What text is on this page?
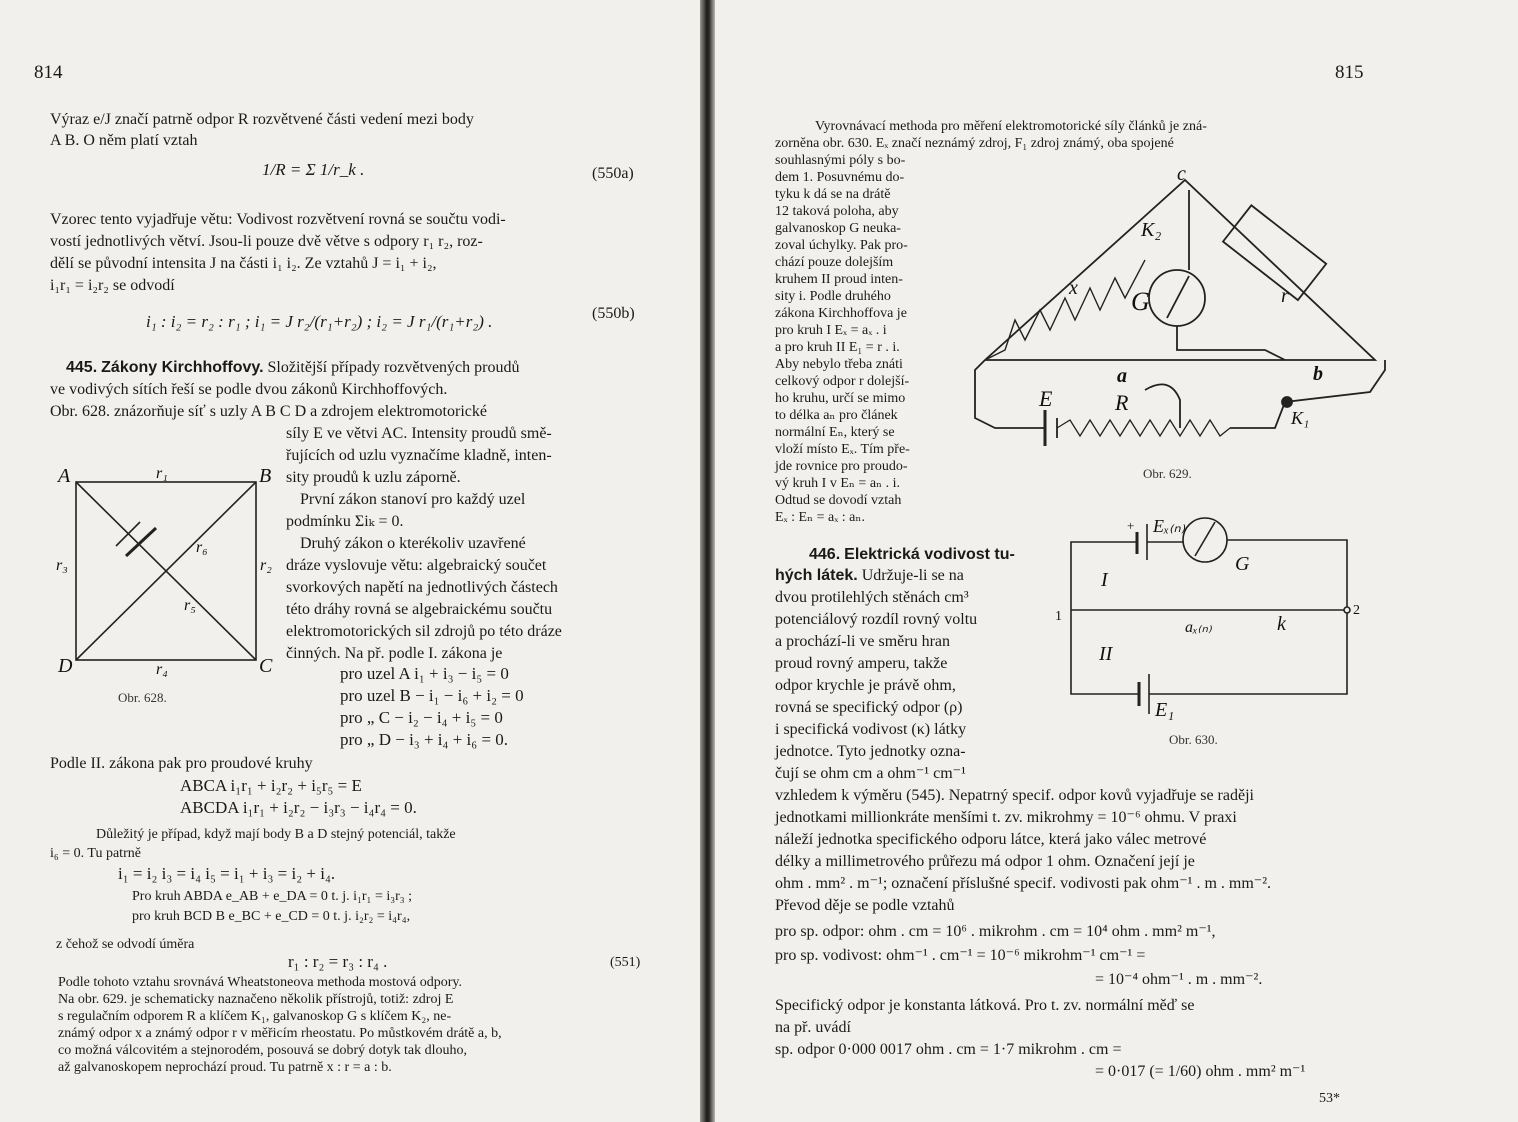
814
Výraz e/J značí patrně odpor R rozvětvené části vedení mezi body
A B. O něm platí vztah
1/R = Σ 1/r_k .	(550a)
Vzorec tento vyjadřuje větu: Vodivost rozvětvení rovná se součtu vodi-
vostí jednotlivých větví. Jsou-li pouze dvě větve s odpory r₁ r₂, roz-
dělí se původní intensita J na části i₁ i₂. Ze vztahů J = i₁ + i₂,
i₁r₁ = i₂r₂ se odvodí
i₁ : i₂ = r₂ : r₁ ; i₁ = J r₂/(r₁+r₂) ; i₂ = J r₁/(r₁+r₂) .	(550b)
445. Zákony Kirchhoffovy. Složitější případy rozvětvených proudů
ve vodivých sítích řeší se podle dvou zákonů Kirchhoffových.
Obr. 628. znázorňuje síť s uzly A B C D a zdrojem elektromotorické
síly E ve větvi AC. Intensity proudů smě-
řujících od uzlu vyznačíme kladně, inten-
sity proudů k uzlu záporně.
První zákon stanoví pro každý uzel
podmínku Σiₖ = 0.
Druhý zákon o kterékoliv uzavřené
dráze vyslovuje větu: algebraický součet
svorkových napětí na jednotlivých částech
této dráhy rovná se algebraickému součtu
elektromotorických sil zdrojů po této dráze
činných. Na př. podle I. zákona je
pro uzel A i₁ + i₃ − i₅ = 0
pro uzel B − i₁ − i₆ + i₂ = 0
pro „ C − i₂ − i₄ + i₅ = 0
pro „ D − i₃ + i₄ + i₆ = 0.
A	B
C
D
r₁
r₂
r₃
r₄
r₅
r₆
Obr. 628.
Podle II. zákona pak pro proudové kruhy
ABCA i₁r₁ + i₂r₂ + i₅r₅ = E
ABCDA i₁r₁ + i₂r₂ − i₃r₃ − i₄r₄ = 0.
Důležitý je případ, když mají body B a D stejný potenciál, takže
i₆ = 0. Tu patrně
i₁ = i₂ i₃ = i₄ i₅ = i₁ + i₃ = i₂ + i₄.
Pro kruh ABDA e_AB + e_DA = 0 t. j. i₁r₁ = i₃r₃ ;
pro kruh BCD B e_BC + e_CD = 0 t. j. i₂r₂ = i₄r₄,
z čehož se odvodí úměra
r₁ : r₂ = r₃ : r₄ .	(551)
Podle tohoto vztahu srovnává Wheatstoneova methoda mostová odpory.
Na obr. 629. je schematicky naznačeno několik přístrojů, totiž: zdroj E
s regulačním odporem R a klíčem K₁, galvanoskop G s klíčem K₂, ne-
známý odpor x a známý odpor r v měřicím rheostatu. Po můstkovém drátě a, b,
co možná válcovitém a stejnorodém, posouvá se dobrý dotyk tak dlouho,
až galvanoskopem neprochází proud. Tu patrně x : r = a : b.
815
Vyrovnávací methoda pro měření elektromotorické síly článků je zná-
zorněna obr. 630. Eₓ značí neznámý zdroj, F₁ zdroj známý, oba spojené
souhlasnými póly s bo-
dem 1. Posuvnému do-
tyku k dá se na drátě
12 taková poloha, aby
galvanoskop G neuka-
zoval úchylky. Pak pro-
chází pouze dolejším
kruhem II proud inten-
sity i. Podle druhého
zákona Kirchhoffova je
pro kruh I Eₓ = aₓ . i
a pro kruh II E₁ = r . i.
Aby nebylo třeba znáti
celkový odpor r dolejší-
ho kruhu, určí se mimo
to délka aₙ pro článek
normální Eₙ, který se
vloží místo Eₓ. Tím pře-
jde rovnice pro proudo-
vý kruh I v Eₙ = aₙ . i.
Odtud se dovodí vztah
Eₓ : Eₙ = aₓ : aₙ.
c
K₂
G	r
x
a	b
E	R
K₁
Obr. 629.
446. Elektrická vodivost tu-
hých látek. Udržuje-li se na
dvou protilehlých stěnách cm³
potenciálový rozdíl rovný voltu
a prochází-li ve směru hran
proud rovný amperu, takže
odpor krychle je právě ohm,
rovná se specifický odpor (ρ)
i specifická vodivost (κ) látky
jednotce. Tyto jednotky ozna-
čují se ohm cm a ohm⁻¹ cm⁻¹
Eₓ₍ₙ₎
G
I
1	2
aₓ₍ₙ₎	k
II
E₁
+
Obr. 630.
vzhledem k výměru (545). Nepatrný specif. odpor kovů vyjadřuje se raději
jednotkami millionkráte menšími t. zv. mikrohmy = 10⁻⁶ ohmu. V praxi
náleží jednotka specifického odporu látce, která jako válec metrové
délky a millimetrového průřezu má odpor 1 ohm. Označení její je
ohm . mm² . m⁻¹; označení příslušné specif. vodivosti pak ohm⁻¹ . m . mm⁻².
Převod děje se podle vztahů
pro sp. odpor: ohm . cm = 10⁶ . mikrohm . cm = 10⁴ ohm . mm² m⁻¹,
pro sp. vodivost: ohm⁻¹ . cm⁻¹ = 10⁻⁶ mikrohm⁻¹ cm⁻¹ =
= 10⁻⁴ ohm⁻¹ . m . mm⁻².
Specifický odpor je konstanta látková. Pro t. zv. normální měď se
na př. uvádí
sp. odpor 0·000 0017 ohm . cm = 1·7 mikrohm . cm =
= 0·017 (= 1/60) ohm . mm² m⁻¹
53*
